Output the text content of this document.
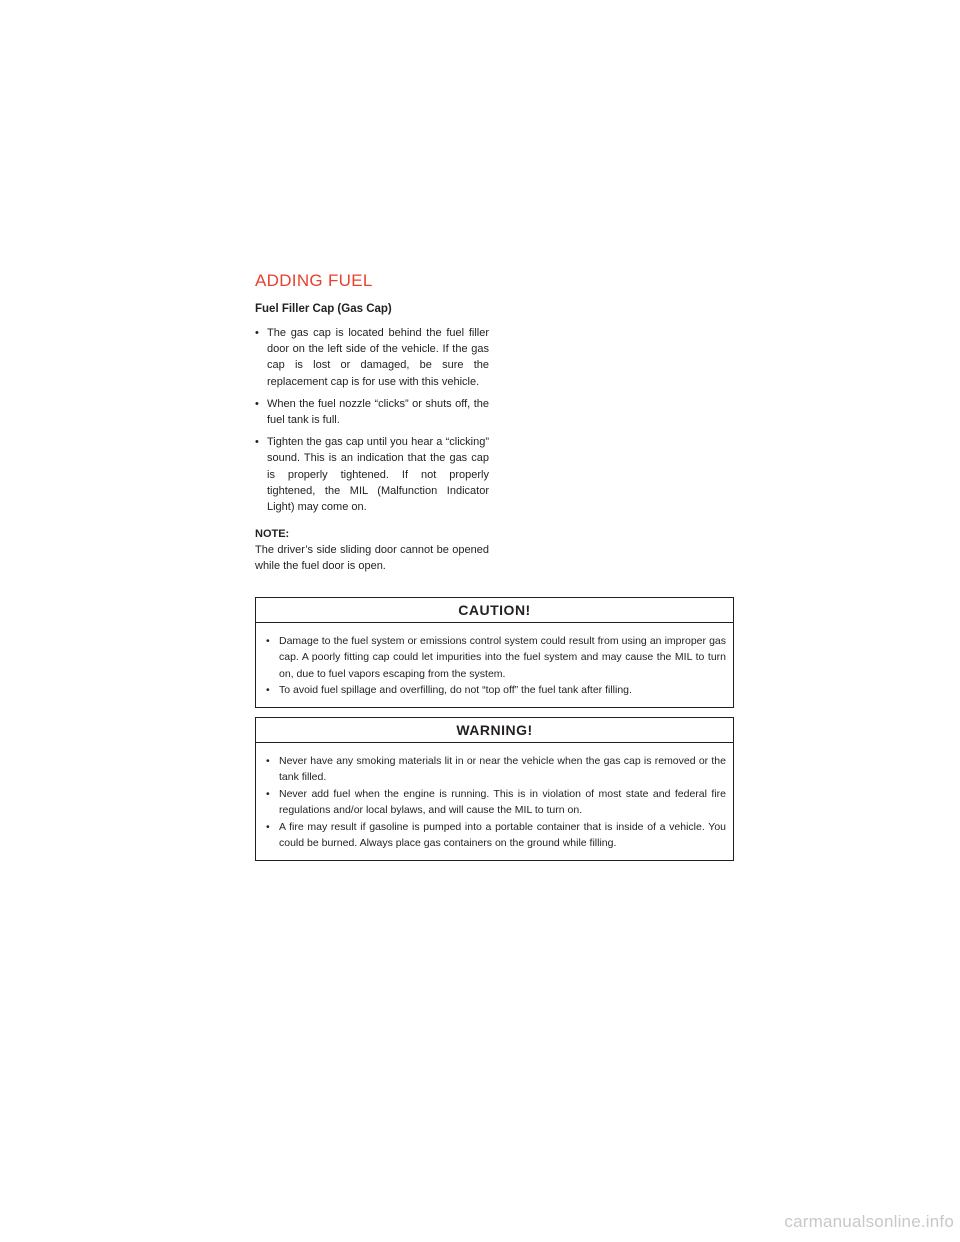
ADDING FUEL
Fuel Filler Cap (Gas Cap)
• The gas cap is located behind the fuel filler door on the left side of the vehicle. If the gas cap is lost or damaged, be sure the replacement cap is for use with this vehicle.
• When the fuel nozzle “clicks” or shuts off, the fuel tank is full.
• Tighten the gas cap until you hear a “clicking” sound. This is an indication that the gas cap is properly tightened. If not properly tightened, the MIL (Malfunction Indicator Light) may come on.
NOTE:
The driver’s side sliding door cannot be opened while the fuel door is open.
CAUTION!
• Damage to the fuel system or emissions control system could result from using an improper gas cap. A poorly fitting cap could let impurities into the fuel system and may cause the MIL to turn on, due to fuel vapors escaping from the system.
• To avoid fuel spillage and overfilling, do not “top off” the fuel tank after filling.
WARNING!
• Never have any smoking materials lit in or near the vehicle when the gas cap is removed or the tank filled.
• Never add fuel when the engine is running. This is in violation of most state and federal fire regulations and/or local bylaws, and will cause the MIL to turn on.
• A fire may result if gasoline is pumped into a portable container that is inside of a vehicle. You could be burned. Always place gas containers on the ground while filling.
carmanualsonline.info
